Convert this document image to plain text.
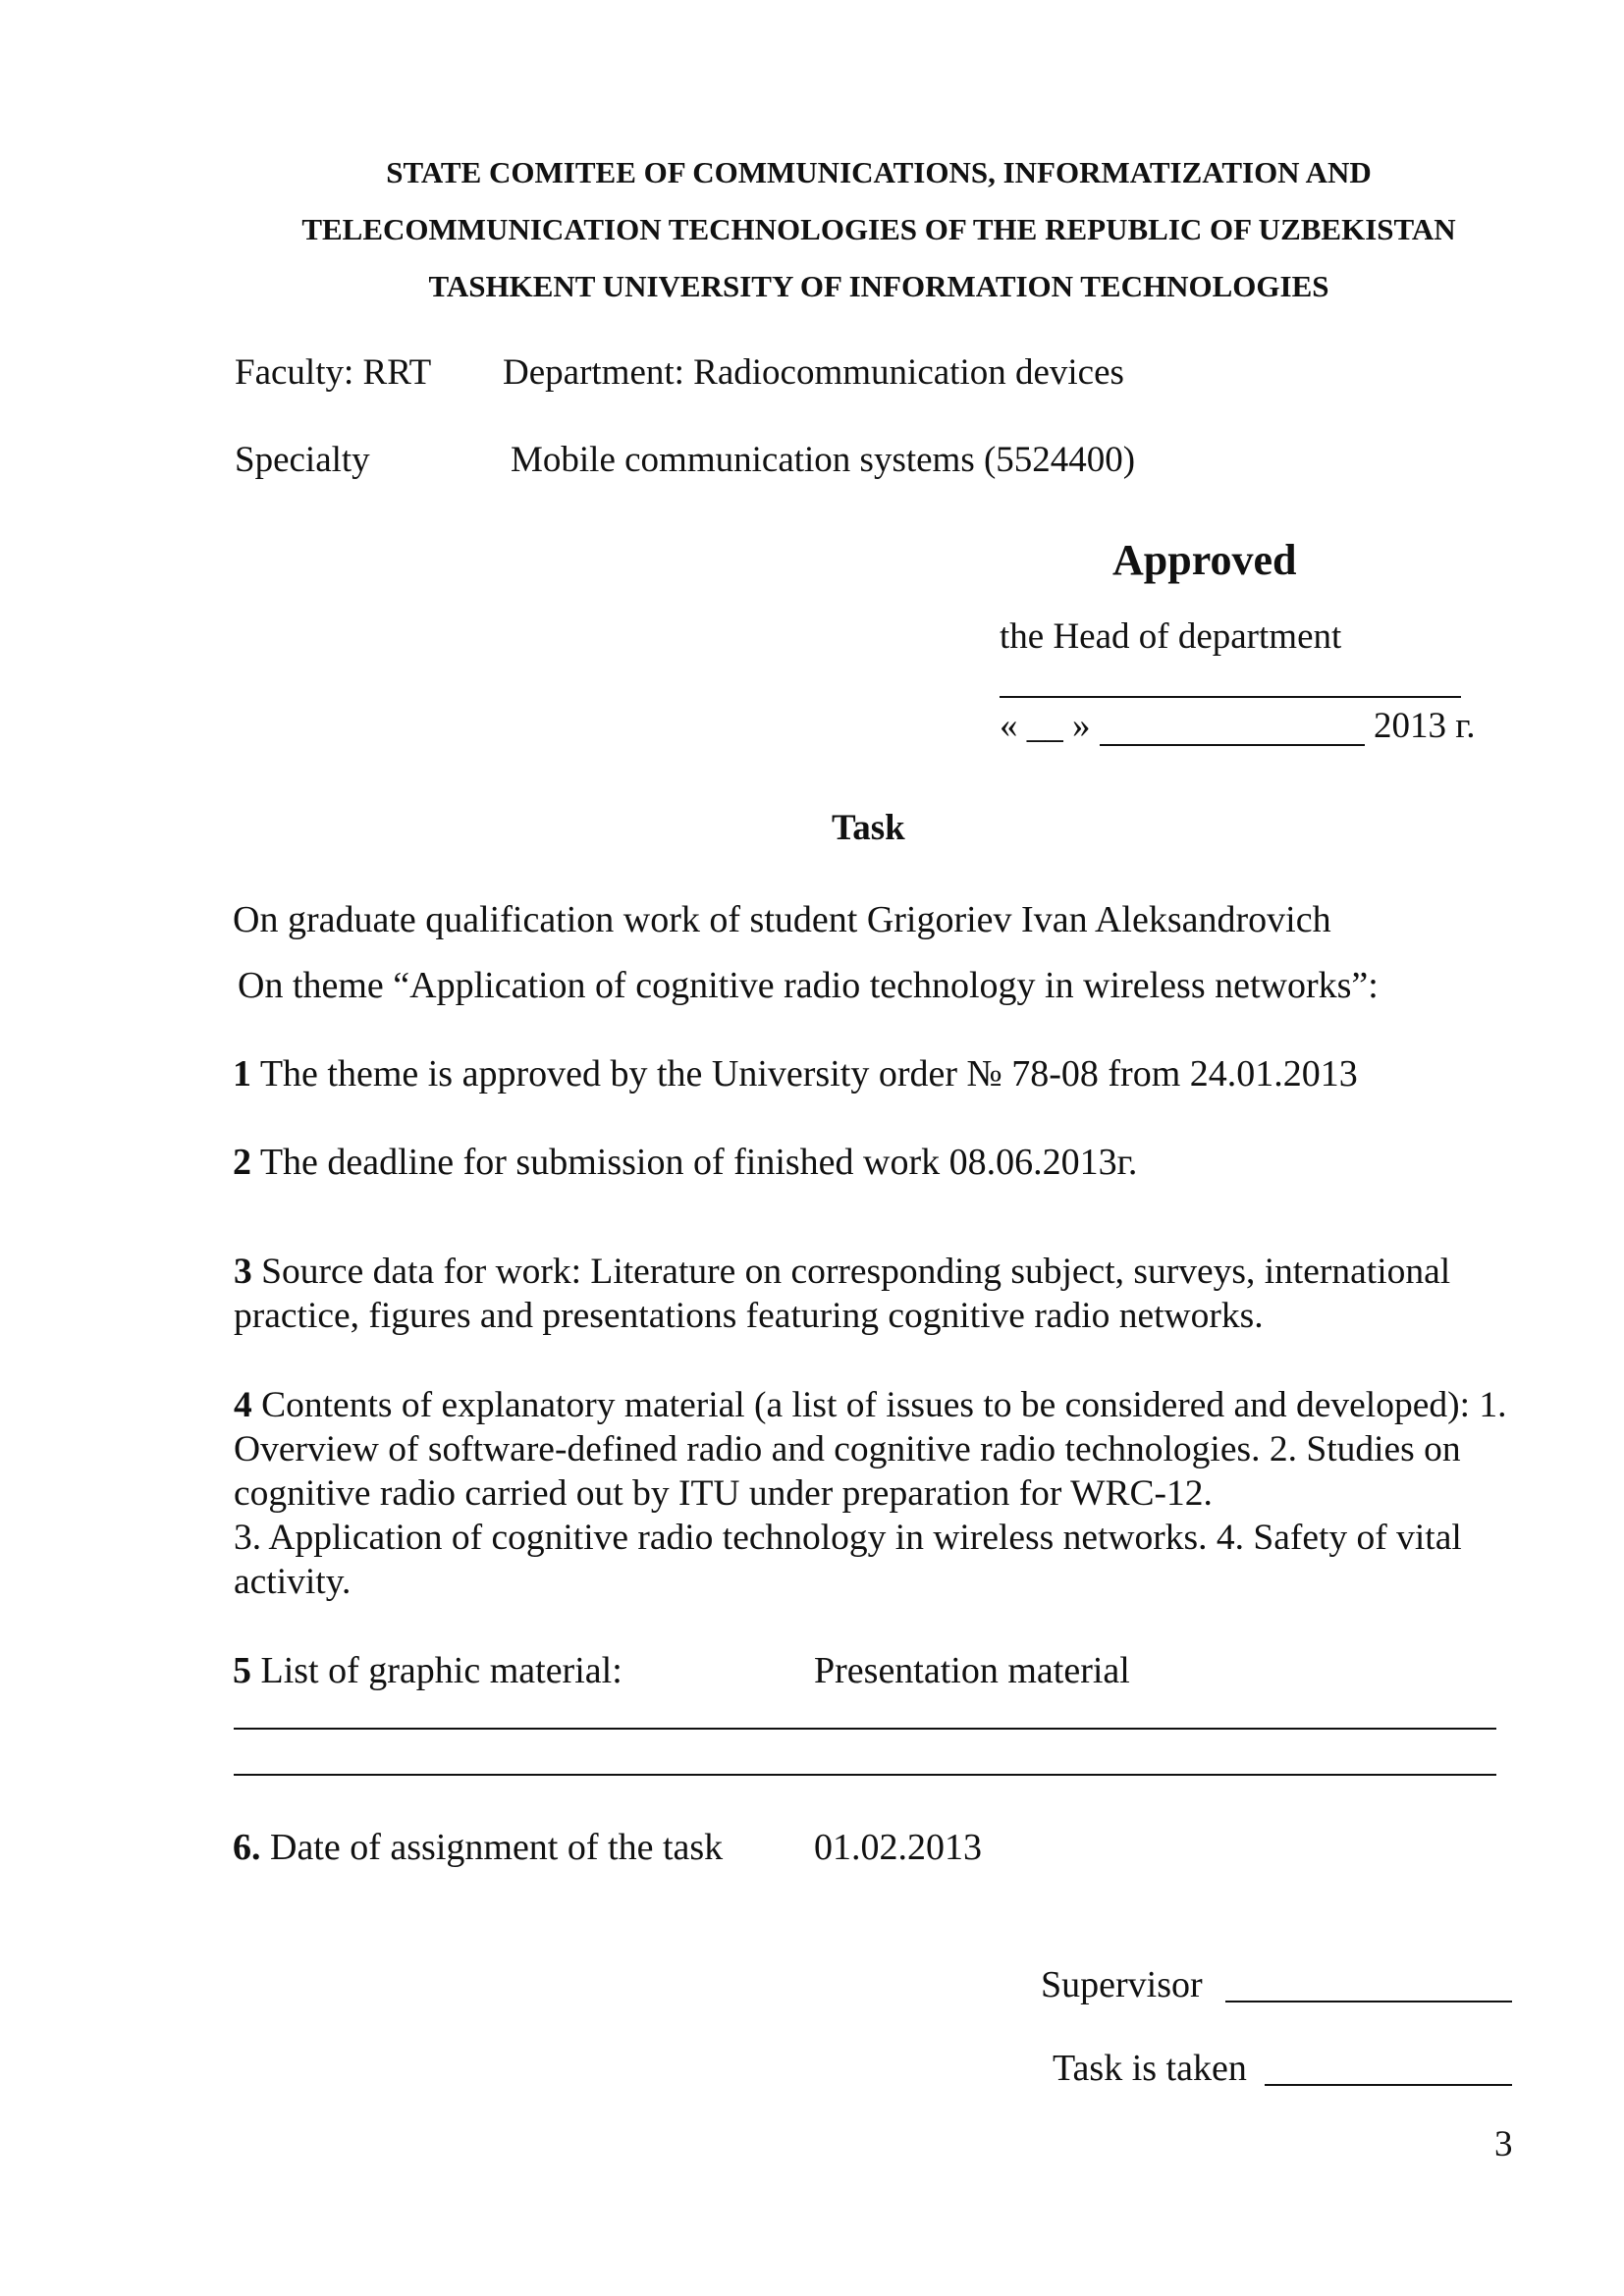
STATE COMITEE OF COMMUNICATIONS, INFORMATIZATION AND
TELECOMMUNICATION TECHNOLOGIES OF THE REPUBLIC OF UZBEKISTAN
TASHKENT UNIVERSITY OF INFORMATION TECHNOLOGIES
Faculty: RRT Department: Radiocommunication devices
Specialty	Mobile communication systems (5524400)
Approved
the Head of department
« __ »	2013 г.
Task
On graduate qualification work of student Grigoriev Ivan Aleksandrovich
On theme “Application of cognitive radio technology in wireless networks”:
1 The theme is approved by the University order № 78-08 from 24.01.2013
2 The deadline for submission of finished work 08.06.2013г.
3 Source data for work: Literature on corresponding subject, surveys, international practice, figures and presentations featuring cognitive radio networks.
4 Contents of explanatory material (a list of issues to be considered and developed): 1. Overview of software-defined radio and cognitive radio technologies. 2. Studies on cognitive radio carried out by ITU under preparation for WRC-12.
3. Application of cognitive radio technology in wireless networks. 4. Safety of vital activity.
5 List of graphic material:	Presentation material
6. Date of assignment of the task 01.02.2013
Supervisor
Task is taken
3
